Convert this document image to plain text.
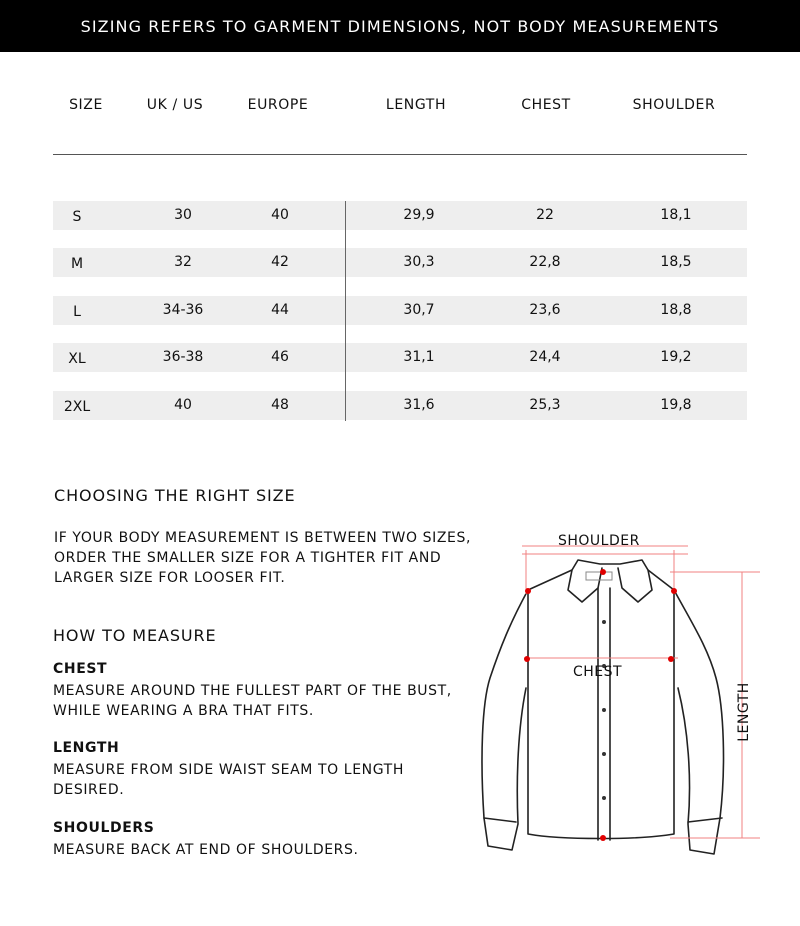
SIZING REFERS TO GARMENT DIMENSIONS, NOT BODY MEASUREMENTS
SIZE	UK / US	EUROPE	LENGTH	CHEST	SHOULDER
S	30	40	29,9	22	18,1
M	32	42	30,3	22,8	18,5
L	34-36	44	30,7	23,6	18,8
XL	36-38	46	31,1	24,4	19,2
2XL	40	48	31,6	25,3	19,8
CHOOSING THE RIGHT SIZE
IF YOUR BODY MEASUREMENT IS BETWEEN TWO SIZES,
ORDER THE SMALLER SIZE FOR A TIGHTER FIT AND
LARGER SIZE FOR LOOSER FIT.
HOW TO MEASURE
CHEST
MEASURE AROUND THE FULLEST PART OF THE BUST,
WHILE WEARING A BRA THAT FITS.
LENGTH
MEASURE FROM SIDE WAIST SEAM TO LENGTH
DESIRED.
SHOULDERS
MEASURE BACK AT END OF SHOULDERS.
SHOULDER
CHEST
LENGTH
